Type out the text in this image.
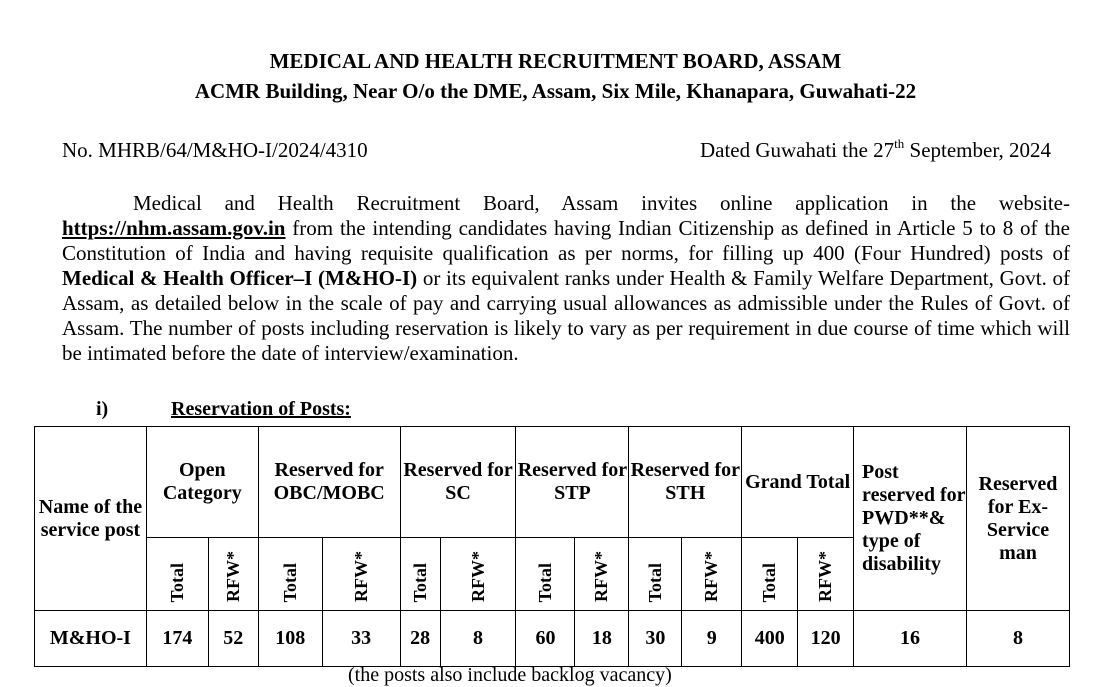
MEDICAL AND HEALTH RECRUITMENT BOARD, ASSAM
ACMR Building, Near O/o the DME, Assam, Six Mile, Khanapara, Guwahati-22
No. MHRB/64/M&HO-I/2024/4310	Dated Guwahati the 27th September, 2024

Medical and Health Recruitment Board, Assam invites online application in the website-https://nhm.assam.gov.in from the intending candidates having Indian Citizenship as defined in Article 5 to 8 of the Constitution of India and having requisite qualification as per norms, for filling up 400 (Four Hundred) posts of Medical & Health Officer–I (M&HO-I) or its equivalent ranks under Health & Family Welfare Department, Govt. of Assam, as detailed below in the scale of pay and carrying usual allowances as admissible under the Rules of Govt. of Assam. The number of posts including reservation is likely to vary as per requirement in due course of time which will be intimated before the date of interview/examination.

i)	Reservation of Posts:
Name of the service post	Open Category		Reserved for OBC/MOBC		Reserved for SC		Reserved for STP		Reserved for STH		Grand Total		Post reserved for PWD**& type of disability	Reserved for Ex-Service man
	Total	RFW*	Total	RFW*	Total	RFW*	Total	RFW*	Total	RFW*	Total	RFW*		
M&HO-I	174	52	108	33	28	8	60	18	30	9	400	120	16	8
(the posts also include backlog vacancy)
